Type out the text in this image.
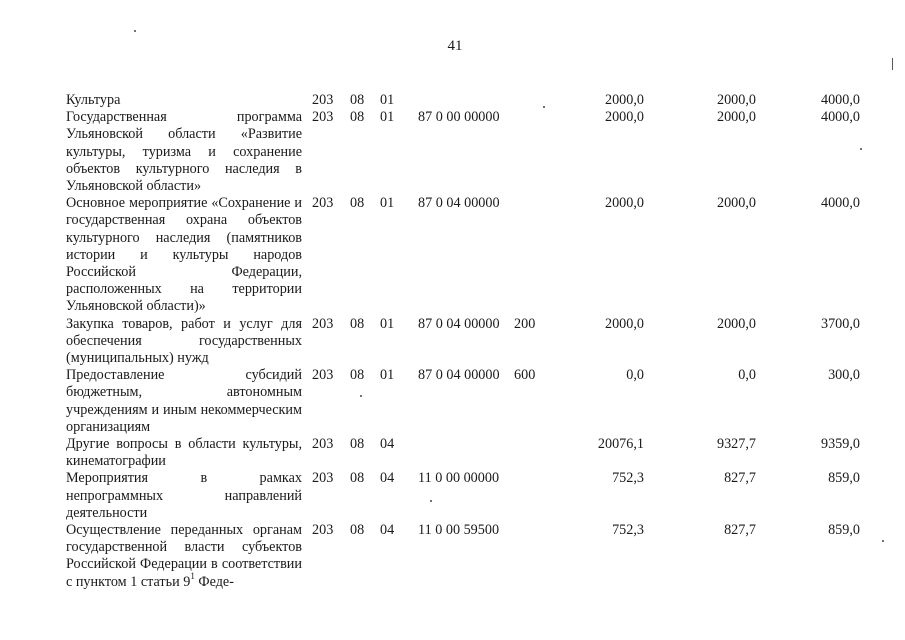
41
Культура	203	08	01			2000,0	2000,0	4000,0
Государственная программа Ульяновской области «Развитие культуры, туризма и сохранение объектов культурного наследия в Ульяновской области»	203	08	01	87 0 00 00000		2000,0	2000,0	4000,0
Основное мероприятие «Сохранение и государственная охрана объектов культурного наследия (памятников истории и культуры народов Российской Федерации, расположенных на территории Ульяновской области)»	203	08	01	87 0 04 00000		2000,0	2000,0	4000,0
Закупка товаров, работ и услуг для обеспечения государственных (муниципальных) нужд	203	08	01	87 0 04 00000	200	2000,0	2000,0	3700,0
Предоставление субсидий бюджетным, автономным учреждениям и иным некоммерческим организациям	203	08	01	87 0 04 00000	600	0,0	0,0	300,0
Другие вопросы в области культуры, кинематографии	203	08	04			20076,1	9327,7	9359,0
Мероприятия в рамках непрограммных направлений деятельности	203	08	04	11 0 00 00000		752,3	827,7	859,0

Осуществление переданных органам государственной власти субъектов Российской Федерации в соответствии с пунктом 1 статьи $9^1$ Феде-	203	08	04	11 0 00 59500		752,3	827,7	859,0
